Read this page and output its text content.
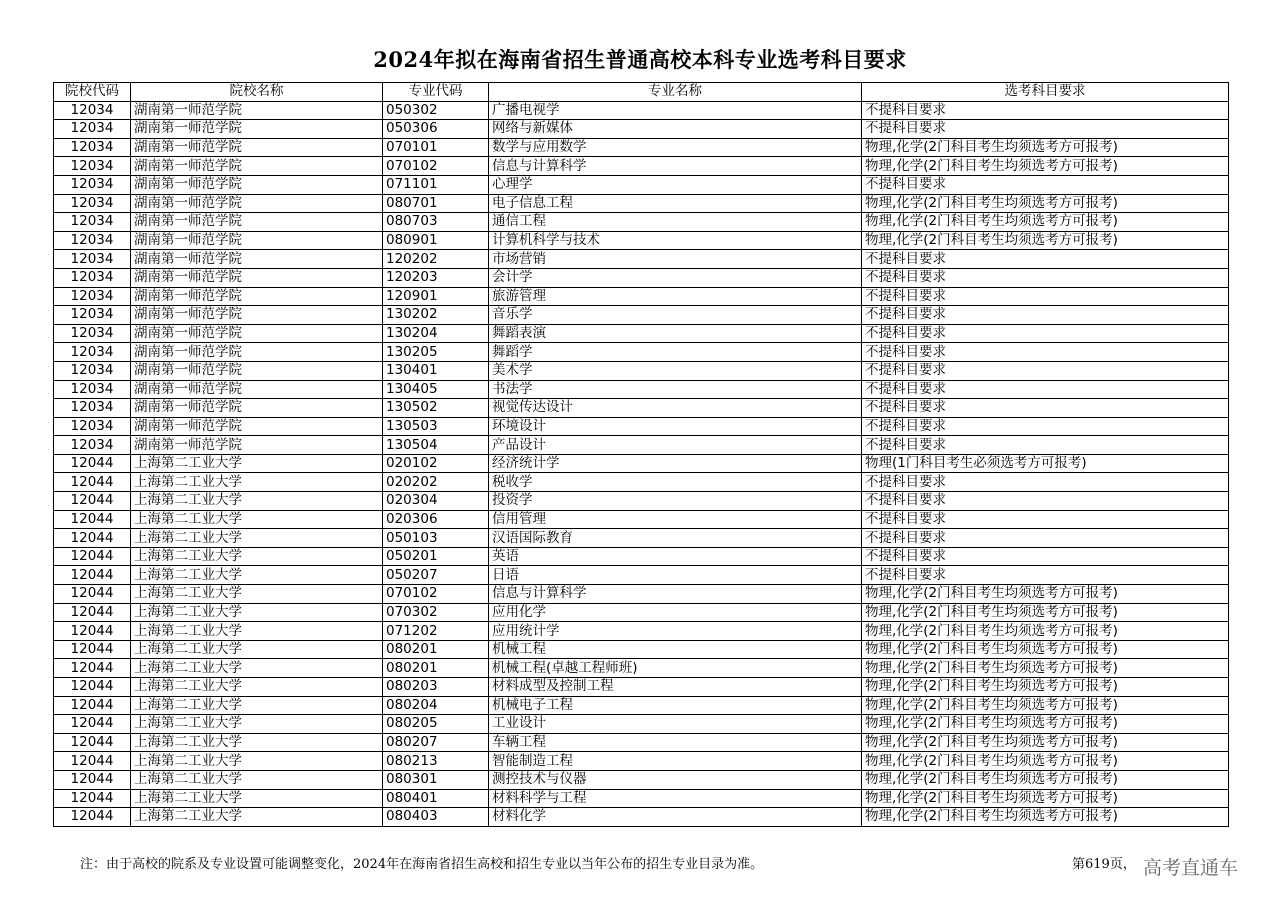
2024年拟在海南省招生普通高校本科专业选考科目要求
院校代码	院校名称	专业代码	专业名称	选考科目要求
12034	湖南第一师范学院	050302	广播电视学	不提科目要求
12034	湖南第一师范学院	050306	网络与新媒体	不提科目要求
12034	湖南第一师范学院	070101	数学与应用数学	物理,化学(2门科目考生均须选考方可报考)
12034	湖南第一师范学院	070102	信息与计算科学	物理,化学(2门科目考生均须选考方可报考)
12034	湖南第一师范学院	071101	心理学	不提科目要求
12034	湖南第一师范学院	080701	电子信息工程	物理,化学(2门科目考生均须选考方可报考)
12034	湖南第一师范学院	080703	通信工程	物理,化学(2门科目考生均须选考方可报考)
12034	湖南第一师范学院	080901	计算机科学与技术	物理,化学(2门科目考生均须选考方可报考)
12034	湖南第一师范学院	120202	市场营销	不提科目要求
12034	湖南第一师范学院	120203	会计学	不提科目要求
12034	湖南第一师范学院	120901	旅游管理	不提科目要求
12034	湖南第一师范学院	130202	音乐学	不提科目要求
12034	湖南第一师范学院	130204	舞蹈表演	不提科目要求
12034	湖南第一师范学院	130205	舞蹈学	不提科目要求
12034	湖南第一师范学院	130401	美术学	不提科目要求
12034	湖南第一师范学院	130405	书法学	不提科目要求
12034	湖南第一师范学院	130502	视觉传达设计	不提科目要求
12034	湖南第一师范学院	130503	环境设计	不提科目要求
12034	湖南第一师范学院	130504	产品设计	不提科目要求
12044	上海第二工业大学	020102	经济统计学	物理(1门科目考生必须选考方可报考)
12044	上海第二工业大学	020202	税收学	不提科目要求
12044	上海第二工业大学	020304	投资学	不提科目要求
12044	上海第二工业大学	020306	信用管理	不提科目要求
12044	上海第二工业大学	050103	汉语国际教育	不提科目要求
12044	上海第二工业大学	050201	英语	不提科目要求
12044	上海第二工业大学	050207	日语	不提科目要求
12044	上海第二工业大学	070102	信息与计算科学	物理,化学(2门科目考生均须选考方可报考)
12044	上海第二工业大学	070302	应用化学	物理,化学(2门科目考生均须选考方可报考)
12044	上海第二工业大学	071202	应用统计学	物理,化学(2门科目考生均须选考方可报考)
12044	上海第二工业大学	080201	机械工程	物理,化学(2门科目考生均须选考方可报考)
12044	上海第二工业大学	080201	机械工程(卓越工程师班)	物理,化学(2门科目考生均须选考方可报考)
12044	上海第二工业大学	080203	材料成型及控制工程	物理,化学(2门科目考生均须选考方可报考)
12044	上海第二工业大学	080204	机械电子工程	物理,化学(2门科目考生均须选考方可报考)
12044	上海第二工业大学	080205	工业设计	物理,化学(2门科目考生均须选考方可报考)
12044	上海第二工业大学	080207	车辆工程	物理,化学(2门科目考生均须选考方可报考)
12044	上海第二工业大学	080213	智能制造工程	物理,化学(2门科目考生均须选考方可报考)
12044	上海第二工业大学	080301	测控技术与仪器	物理,化学(2门科目考生均须选考方可报考)
12044	上海第二工业大学	080401	材料科学与工程	物理,化学(2门科目考生均须选考方可报考)
12044	上海第二工业大学	080403	材料化学	物理,化学(2门科目考生均须选考方可报考)
注：由于高校的院系及专业设置可能调整变化，2024年在海南省招生高校和招生专业以当年公布的招生专业目录为准。	第619页， 高考直通车
